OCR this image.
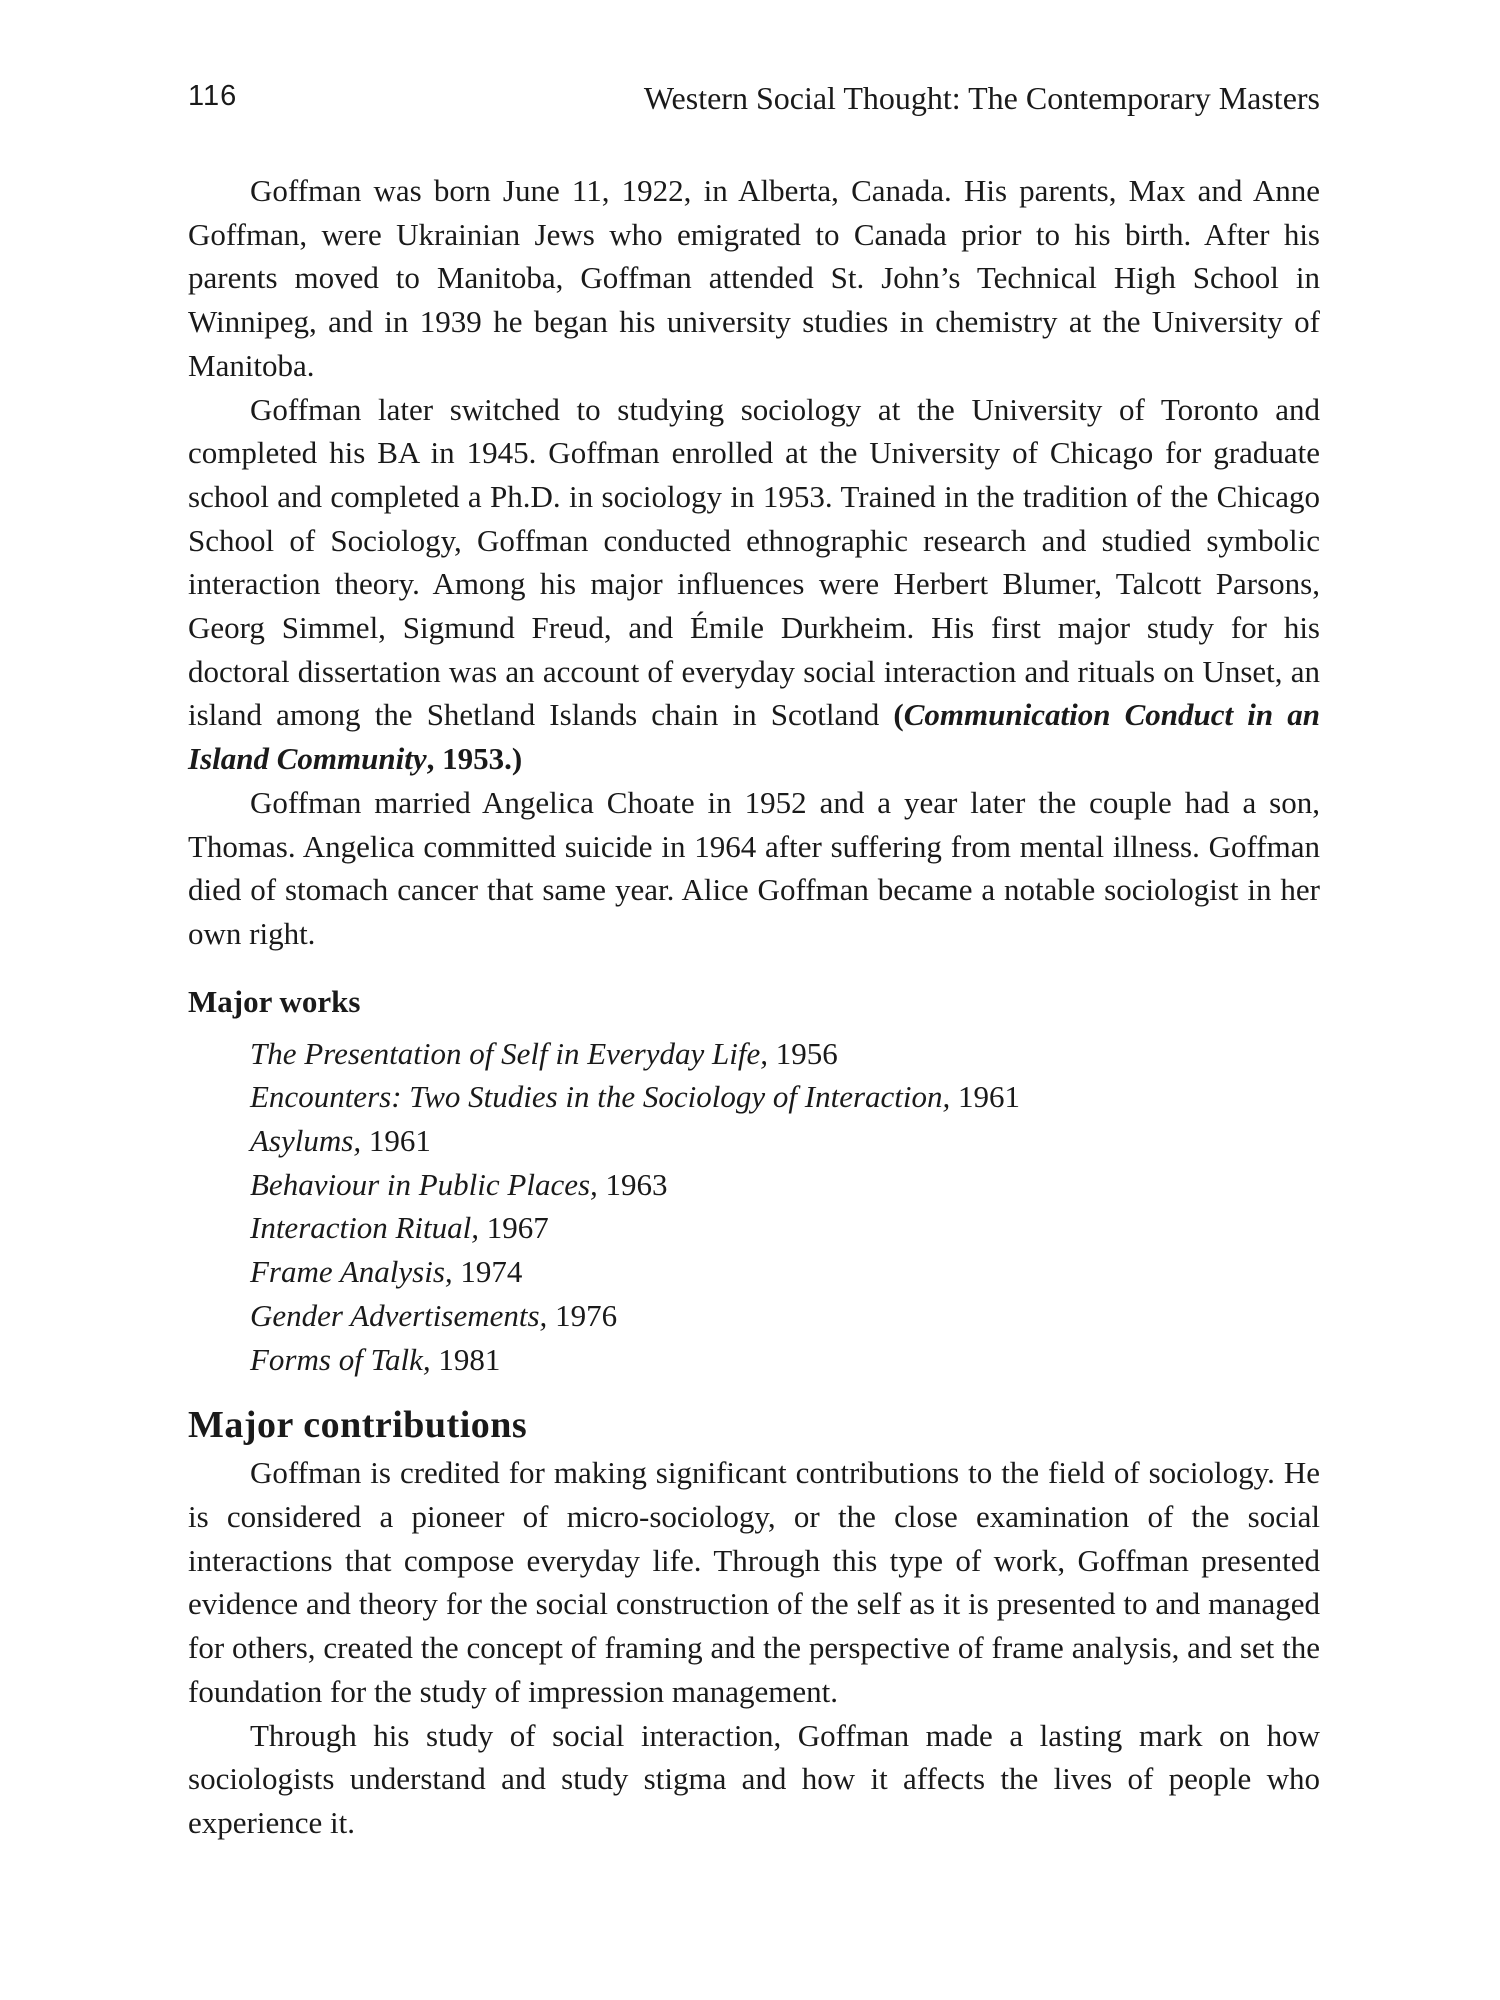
116	Western Social Thought: The Contemporary Masters

Goffman was born June 11, 1922, in Alberta, Canada. His parents, Max and Anne Goffman, were Ukrainian Jews who emigrated to Canada prior to his birth. After his parents moved to Manitoba, Goffman attended St. John’s Technical High School in Winnipeg, and in 1939 he began his university studies in chemistry at the University of Manitoba.

Goffman later switched to studying sociology at the University of Toronto and completed his BA in 1945. Goffman enrolled at the University of Chicago for graduate school and completed a Ph.D. in sociology in 1953. Trained in the tradition of the Chicago School of Sociology, Goffman conducted ethnographic research and studied symbolic interaction theory. Among his major influences were Herbert Blumer, Talcott Parsons, Georg Simmel, Sigmund Freud, and Émile Durkheim. His first major study for his doctoral dissertation was an account of everyday social interaction and rituals on Unset, an island among the Shetland Islands chain in Scotland (Communication Conduct in an Island Community, 1953.)

Goffman married Angelica Choate in 1952 and a year later the couple had a son, Thomas. Angelica committed suicide in 1964 after suffering from mental illness. Goffman died of stomach cancer that same year. Alice Goffman became a notable sociologist in her own right.

Major works
The Presentation of Self in Everyday Life, 1956
Encounters: Two Studies in the Sociology of Interaction, 1961
Asylums, 1961
Behaviour in Public Places, 1963
Interaction Ritual, 1967
Frame Analysis, 1974
Gender Advertisements, 1976
Forms of Talk, 1981
Major contributions

Goffman is credited for making significant contributions to the field of sociology. He is considered a pioneer of micro-sociology, or the close examination of the social interactions that compose everyday life. Through this type of work, Goffman presented evidence and theory for the social construction of the self as it is presented to and managed for others, created the concept of framing and the perspective of frame analysis, and set the foundation for the study of impression management.

Through his study of social interaction, Goffman made a lasting mark on how sociologists understand and study stigma and how it affects the lives of people who experience it.
